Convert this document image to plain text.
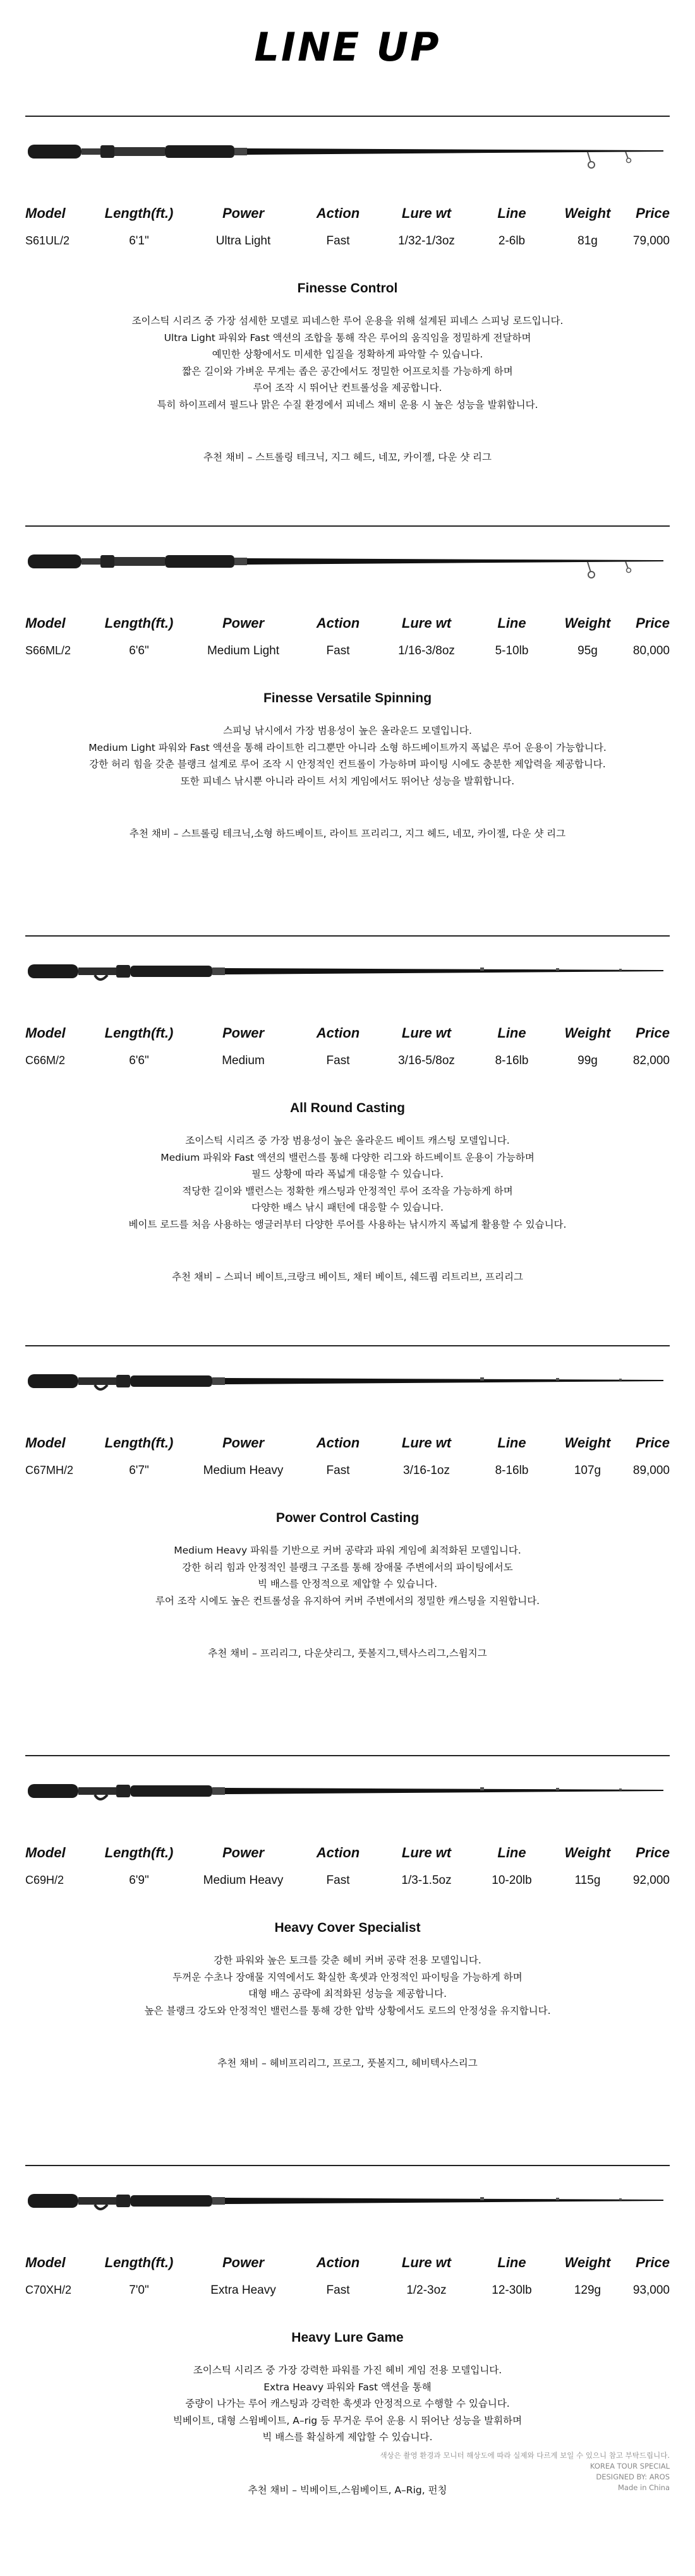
LINE UP
Model	Length(ft.)	Power	Action	Lure wt	Line	Weight	Price
S61UL/2	6'1"	Ultra Light	Fast	1/32-1/3oz	2-6lb	81g	79,000
Finesse Control

조이스틱 시리즈 중 가장 섬세한 모델로 피네스한 루어 운용을 위해 설계된 피네스 스피닝 로드입니다.

Ultra Light 파워와 Fast 액션의 조합을 통해 작은 루어의 움직임을 정밀하게 전달하며

예민한 상황에서도 미세한 입질을 정확하게 파악할 수 있습니다.

짧은 길이와 가벼운 무게는 좁은 공간에서도 정밀한 어프로치를 가능하게 하며

루어 조작 시 뛰어난 컨트롤성을 제공합니다.

특히 하이프레셔 필드나 맑은 수질 환경에서 피네스 채비 운용 시 높은 성능을 발휘합니다.

추천 채비 – 스트롤링 테크닉, 지그 헤드, 네꼬, 카이젤, 다운 샷 리그
Model	Length(ft.)	Power	Action	Lure wt	Line	Weight	Price
S66ML/2	6'6"	Medium Light	Fast	1/16-3/8oz	5-10lb	95g	80,000
Finesse Versatile Spinning

스피닝 낚시에서 가장 범용성이 높은 올라운드 모델입니다.

Medium Light 파워와 Fast 액션을 통해 라이트한 리그뿐만 아니라 소형 하드베이트까지 폭넓은 루어 운용이 가능합니다.

강한 허리 힘을 갖춘 블랭크 설계로 루어 조작 시 안정적인 컨트롤이 가능하며 파이팅 시에도 충분한 제압력을 제공합니다.

또한 피네스 낚시뿐 아니라 라이트 서치 게임에서도 뛰어난 성능을 발휘합니다.

추천 채비 – 스트롤링 테크닉,소형 하드베이트, 라이트 프리리그, 지그 헤드, 네꼬, 카이젤, 다운 샷 리그
Model	Length(ft.)	Power	Action	Lure wt	Line	Weight	Price
C66M/2	6'6"	Medium	Fast	3/16-5/8oz	8-16lb	99g	82,000
All Round Casting

조이스틱 시리즈 중 가장 범용성이 높은 올라운드 베이트 캐스팅 모델입니다.

Medium 파워와 Fast 액션의 밸런스를 통해 다양한 리그와 하드베이트 운용이 가능하며

필드 상황에 따라 폭넓게 대응할 수 있습니다.

적당한 길이와 밸런스는 정확한 캐스팅과 안정적인 루어 조작을 가능하게 하며

다양한 배스 낚시 패턴에 대응할 수 있습니다.

베이트 로드를 처음 사용하는 앵글러부터 다양한 루어를 사용하는 낚시까지 폭넓게 활용할 수 있습니다.

추천 채비 – 스피너 베이트,크랑크 베이트, 채터 베이트, 쉐드퀌 리트리브, 프리리그
Model	Length(ft.)	Power	Action	Lure wt	Line	Weight	Price
C67MH/2	6'7"	Medium Heavy	Fast	3/16-1oz	8-16lb	107g	89,000
Power Control Casting

Medium Heavy 파워를 기반으로 커버 공략과 파워 게임에 최적화된 모델입니다.

강한 허리 힘과 안정적인 블랭크 구조를 통해 장애물 주변에서의 파이팅에서도

빅 배스를 안정적으로 제압할 수 있습니다.

루어 조작 시에도 높은 컨트롤성을 유지하여 커버 주변에서의 정밀한 캐스팅을 지원합니다.

추천 채비 – 프리리그, 다운샷리그, 풋볼지그,텍사스리그,스윔지그
Model	Length(ft.)	Power	Action	Lure wt	Line	Weight	Price
C69H/2	6'9"	Medium Heavy	Fast	1/3-1.5oz	10-20lb	115g	92,000
Heavy Cover Specialist

강한 파워와 높은 토크를 갖춘 헤비 커버 공략 전용 모델입니다.

두꺼운 수초나 장애물 지역에서도 확실한 훅셋과 안정적인 파이팅을 가능하게 하며

대형 배스 공략에 최적화된 성능을 제공합니다.

높은 블랭크 강도와 안정적인 밸런스를 통해 강한 압박 상황에서도 로드의 안정성을 유지합니다.

추천 채비 – 헤비프리리그, 프로그, 풋볼지그, 헤비텍사스리그
Model	Length(ft.)	Power	Action	Lure wt	Line	Weight	Price
C70XH/2	7'0"	Extra Heavy	Fast	1/2-3oz	12-30lb	129g	93,000
Heavy Lure Game

조이스틱 시리즈 중 가장 강력한 파워를 가진 헤비 게임 전용 모델입니다.

Extra Heavy 파워와 Fast 액션을 통해

중량이 나가는 루어 캐스팅과 강력한 훅셋과 안정적으로 수행할 수 있습니다.

빅베이트, 대형 스윔베이트, A–rig 등 무거운 루어 운용 시 뛰어난 성능을 발휘하며

빅 배스를 확실하게 제압할 수 있습니다.

추천 채비 – 빅베이트,스윔베이트, A–Rig, 펀칭
색상은 촬영 환경과 모니터 해상도에 따라 실제와 다르게 보일 수 있으니 참고 부탁드립니다.
KOREA TOUR SPECIAL
DESIGNED BY: AROS
Made in China
